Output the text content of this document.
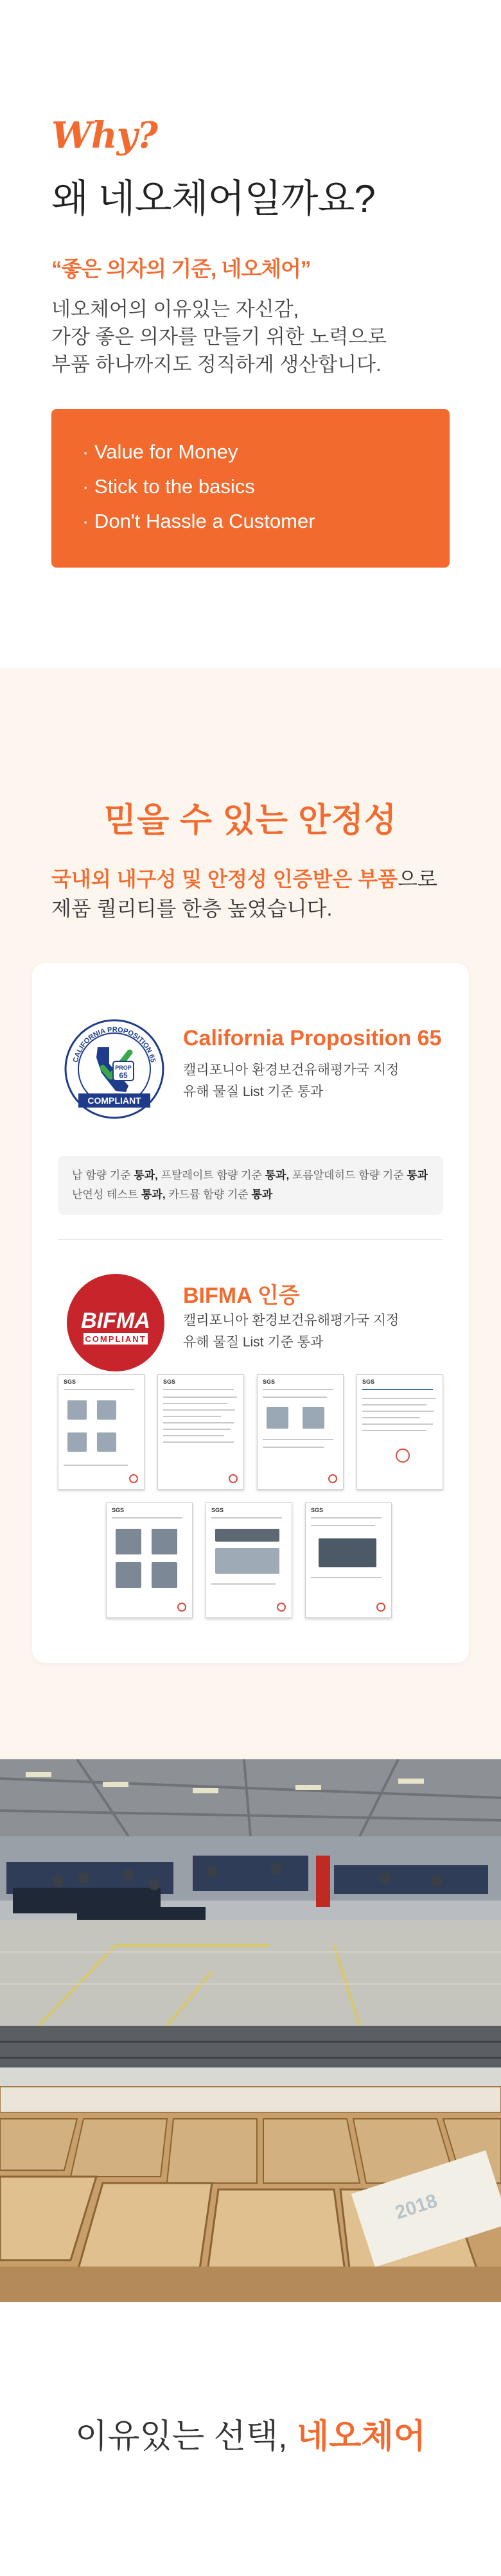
Why?
왜 네오체어일까요?
“좋은 의자의 기준, 네오체어”
네오체어의 이유있는 자신감,
가장 좋은 의자를 만들기 위한 노력으로
부품 하나까지도 정직하게 생산합니다.
· Value for Money
· Stick to the basics
· Don't Hassle a Customer
믿을 수 있는 안정성
국내외 내구성 및 안정성 인증받은 부품으로
제품 퀄리티를 한층 높였습니다.
CALIFORNIA PROPOSITION 65
PROP
65
COMPLIANT
California Proposition 65
캘리포니아 환경보건유해평가국 지정
유해 물질 List 기준 통과
납 함량 기준 통과, 프탈레이트 함량 기준 통과, 포름알데히드 함량 기준 통과
난연성 테스트 통과, 카드뮴 함량 기준 통과
BIFMA
COMPLIANT
BIFMA 인증
캘리포니아 환경보건유해평가국 지정
유해 물질 List 기준 통과
SGS	SGS	SGS	SGS
SGS	SGS	SGS
2018
이유있는 선택, 네오체어
